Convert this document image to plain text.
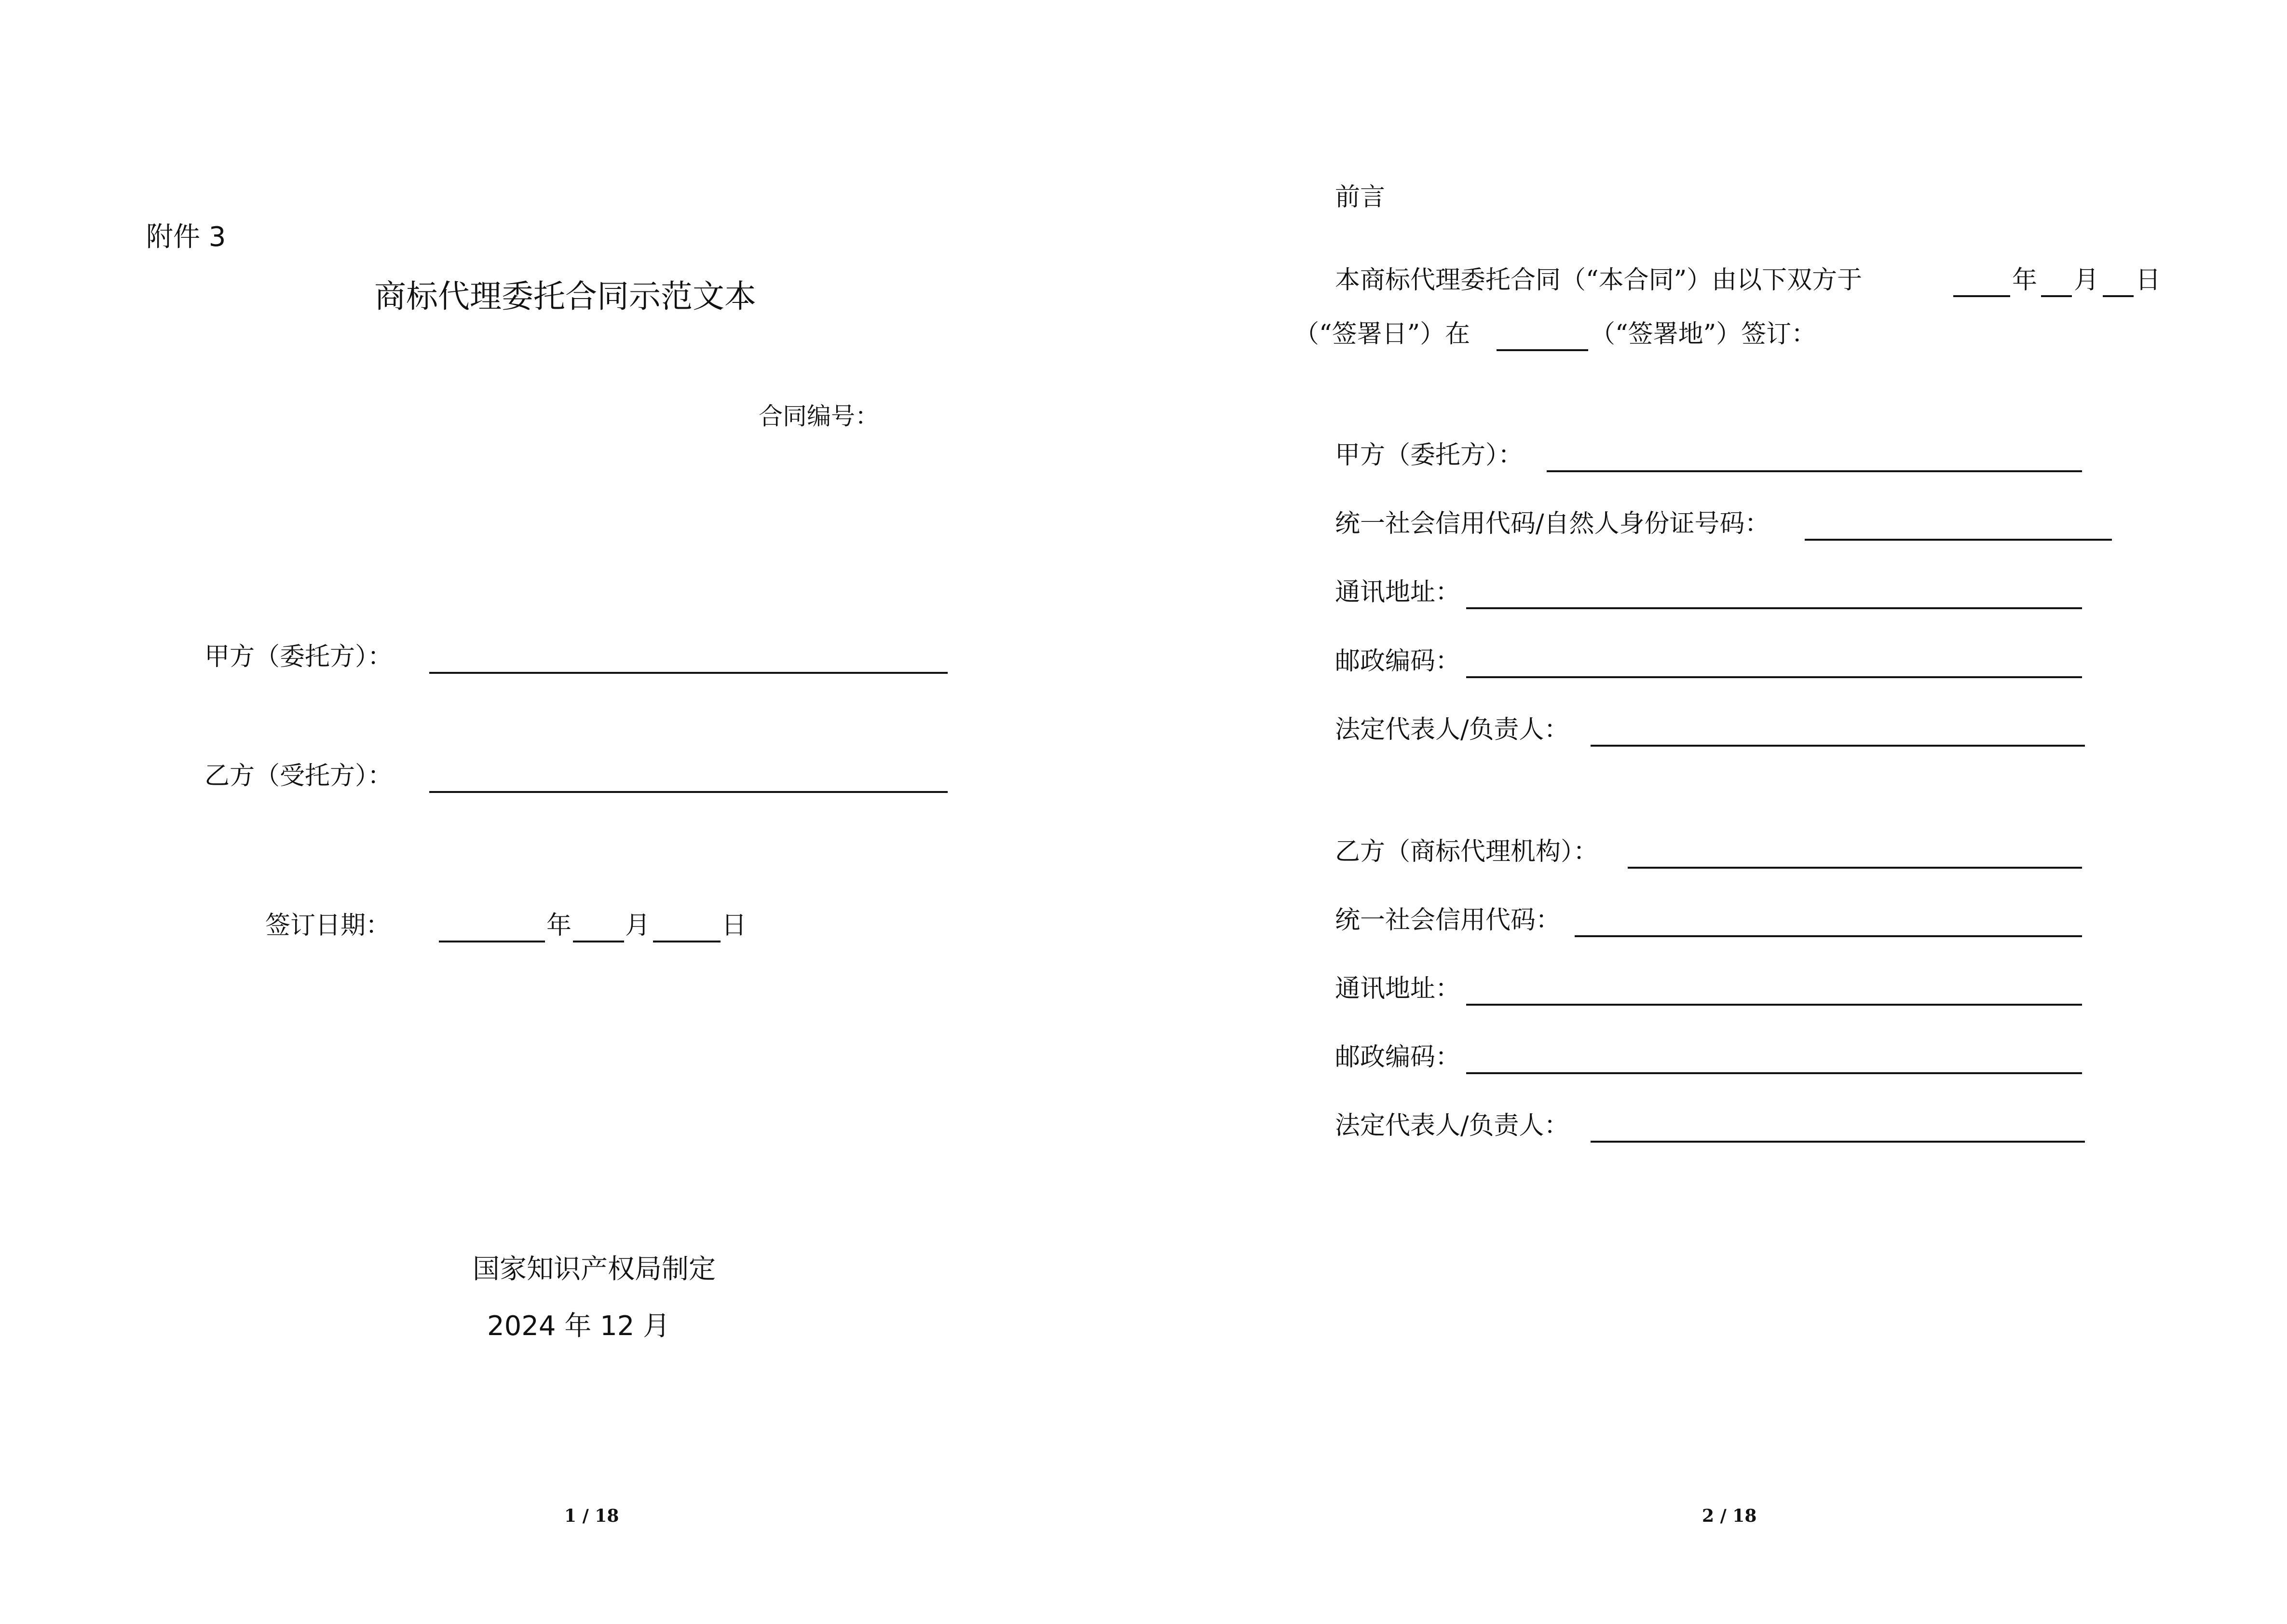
附件 3
商标代理委托合同示范文本
合同编号：
甲方（委托方）：
乙方（受托方）：
签订日期：	年 月	日
国家知识产权局制定
2024 年 12 月
1 / 18
前言
本商标代理委托合同（“本合同”）由以下双方于	年 月 日
（“签署日”）在	（“签署地”）签订：
甲方（委托方）：
统一社会信用代码/自然人身份证号码：
通讯地址：
邮政编码：
法定代表人/负责人：
乙方（商标代理机构）：
统一社会信用代码：
通讯地址：
邮政编码：
法定代表人/负责人：
2 / 18
